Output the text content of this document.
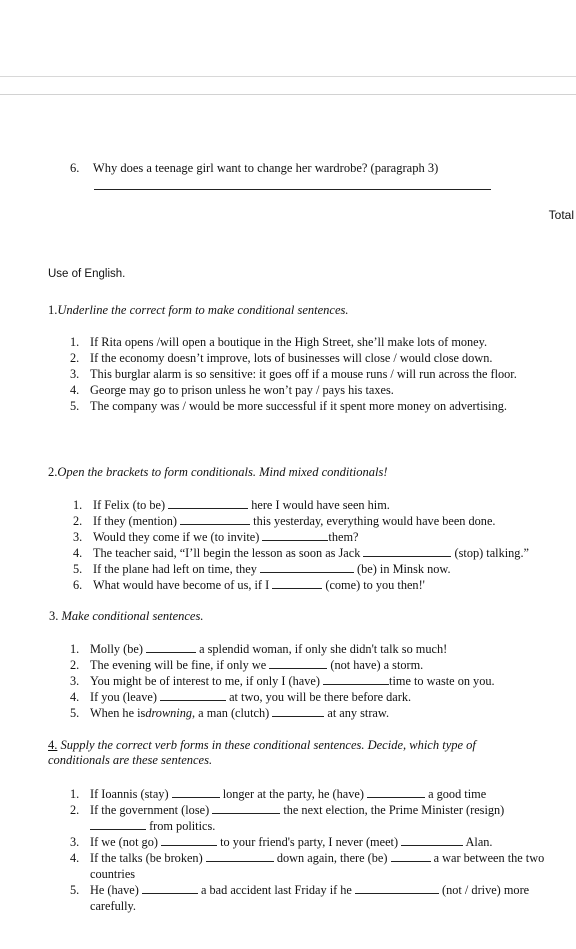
6. Why does a teenage girl want to change her wardrobe? (paragraph 3)
Total
Use of English.
1.Underline the correct form to make conditional sentences.
1. If Rita opens /will open a boutique in the High Street, she’ll make lots of money.
2. If the economy doesn’t improve, lots of businesses will close / would close down.
3. This burglar alarm is so sensitive: it goes off if a mouse runs / will run across the floor.
4. George may go to prison unless he won’t pay / pays his taxes.
5. The company was / would be more successful if it spent more money on advertising.
2.Open the brackets to form conditionals. Mind mixed conditionals!
1. If Felix (to be)	here I would have seen him.
2. If they (mention)	this yesterday, everything would have been done.
3. Would they come if we (to invite)	them?
4. The teacher said, “I’ll begin the lesson as soon as Jack	(stop) talking.”
5. If the plane had left on time, they	(be) in Minsk now.
6. What would have become of us, if I	(come) to you then!'
3. Make conditional sentences.
1. Molly (be)	a splendid woman, if only she didn't talk so much!
2. The evening will be fine, if only we	(not have) a storm.
3. You might be of interest to me, if only I (have)	time to waste on you.
4. If you (leave)	at two, you will be there before dark.
5. When he isdrowning, a man (clutch)	at any straw.
4. Supply the correct verb forms in these conditional sentences. Decide, which type of
conditionals are these sentences.
1. If Ioannis (stay)	longer at the party, he (have)	a good time
2. If the government (lose)	the next election, the Prime Minister (resign)
from politics.
3. If we (not go)	to your friend's party, I never (meet)	Alan.
4. If the talks (be broken)	down again, there (be)	a war between the two countries
5. He (have)	a bad accident last Friday if he	(not / drive) more carefully.
